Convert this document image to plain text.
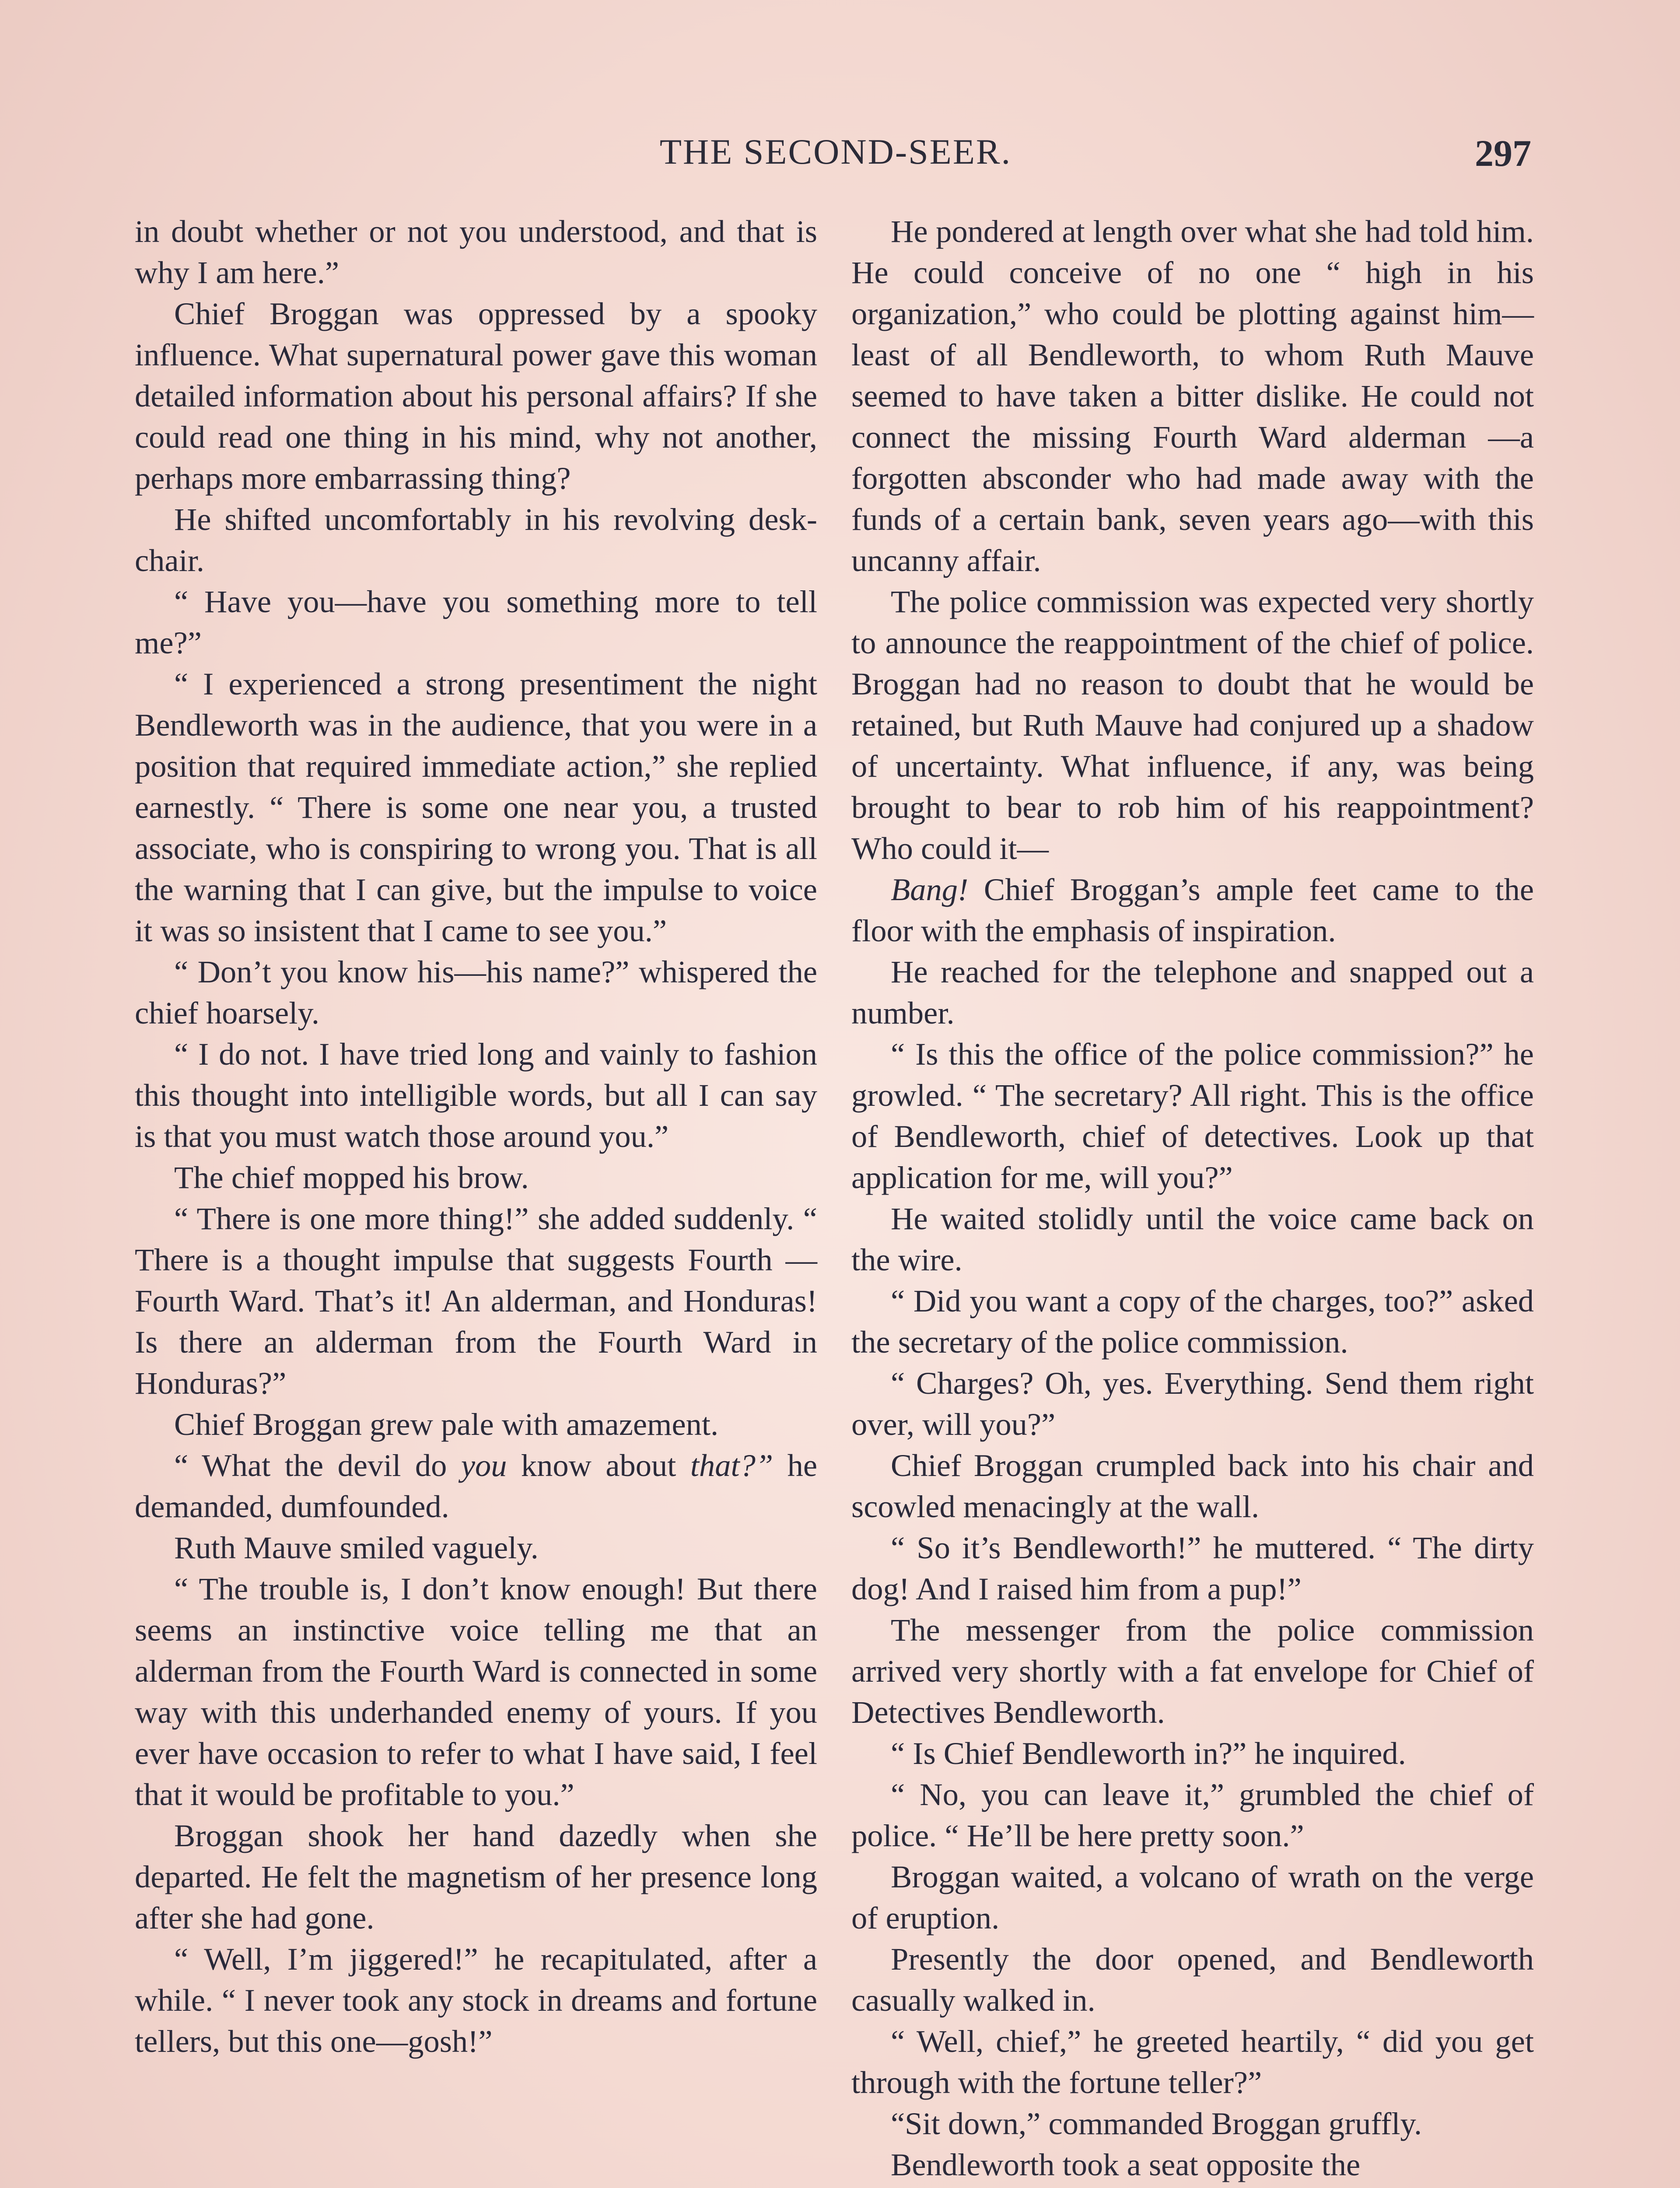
THE SECOND-SEER.	297

in doubt whether or not you understood, and that is why I am here.”

Chief Broggan was oppressed by a spooky influence. What supernatural power gave this woman detailed information about his personal affairs? If she could read one thing in his mind, why not another, perhaps more embarrassing thing?

He shifted uncomfortably in his revolving desk-chair.

“ Have you—have you something more to tell me?”

“ I experienced a strong presentiment the night Bendleworth was in the audience, that you were in a position that required immediate action,” she replied earnestly. “ There is some one near you, a trusted associate, who is conspiring to wrong you. That is all the warning that I can give, but the impulse to voice it was so insistent that I came to see you.”

“ Don’t you know his—his name?” whispered the chief hoarsely.

“ I do not. I have tried long and vainly to fashion this thought into intelligible words, but all I can say is that you must watch those around you.”

The chief mopped his brow.

“ There is one more thing!” she added suddenly. “ There is a thought impulse that suggests Fourth — Fourth Ward. That’s it! An alderman, and Honduras! Is there an alderman from the Fourth Ward in Honduras?”

Chief Broggan grew pale with amazement.

“ What the devil do you know about that?” he demanded, dumfounded.

Ruth Mauve smiled vaguely.

“ The trouble is, I don’t know enough! But there seems an instinctive voice telling me that an alderman from the Fourth Ward is connected in some way with this underhanded enemy of yours. If you ever have occasion to refer to what I have said, I feel that it would be profitable to you.”

Broggan shook her hand dazedly when she departed. He felt the magnetism of her presence long after she had gone.

“ Well, I’m jiggered!” he recapitulated, after a while. “ I never took any stock in dreams and fortune tellers, but this one—gosh!”

He pondered at length over what she had told him. He could conceive of no one “ high in his organization,” who could be plotting against him—least of all Bendleworth, to whom Ruth Mauve seemed to have taken a bitter dislike. He could not connect the missing Fourth Ward alderman —a forgotten absconder who had made away with the funds of a certain bank, seven years ago—with this uncanny affair.

The police commission was expected very shortly to announce the reappointment of the chief of police. Broggan had no reason to doubt that he would be retained, but Ruth Mauve had conjured up a shadow of uncertainty. What influence, if any, was being brought to bear to rob him of his reappointment? Who could it—

Bang! Chief Broggan’s ample feet came to the floor with the emphasis of inspiration.

He reached for the telephone and snapped out a number.

“ Is this the office of the police commission?” he growled. “ The secretary? All right. This is the office of Bendleworth, chief of detectives. Look up that application for me, will you?”

He waited stolidly until the voice came back on the wire.

“ Did you want a copy of the charges, too?” asked the secretary of the police commission.

“ Charges? Oh, yes. Everything. Send them right over, will you?”

Chief Broggan crumpled back into his chair and scowled menacingly at the wall.

“ So it’s Bendleworth!” he muttered. “ The dirty dog! And I raised him from a pup!”

The messenger from the police commission arrived very shortly with a fat envelope for Chief of Detectives Bendleworth.

“ Is Chief Bendleworth in?” he inquired.

“ No, you can leave it,” grumbled the chief of police. “ He’ll be here pretty soon.”

Broggan waited, a volcano of wrath on the verge of eruption.

Presently the door opened, and Bendleworth casually walked in.

“ Well, chief,” he greeted heartily, “ did you get through with the fortune teller?”

“Sit down,” commanded Broggan gruffly.

Bendleworth took a seat opposite the
